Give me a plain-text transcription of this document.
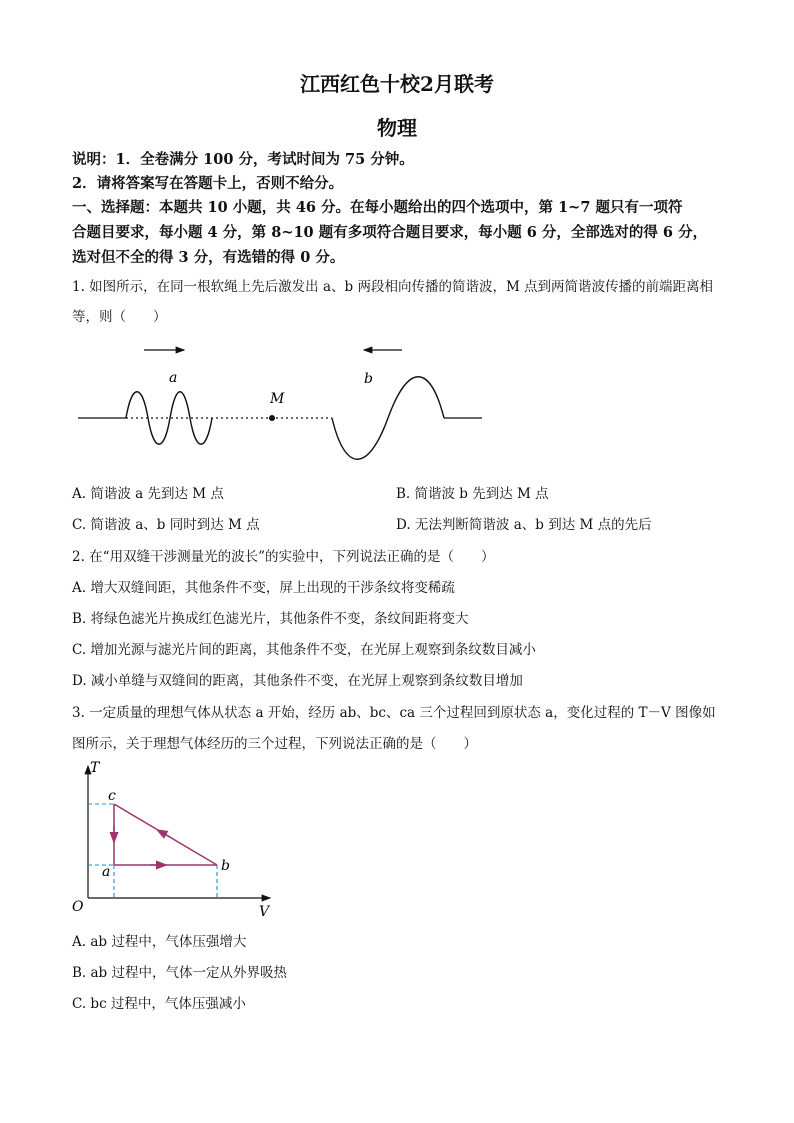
江西红色十校2月联考
物理
说明：1．全卷满分 100 分，考试时间为 75 分钟。
2．请将答案写在答题卡上，否则不给分。
一、选择题：本题共 10 小题，共 46 分。在每小题给出的四个选项中，第 1~7 题只有一项符
合题目要求，每小题 4 分，第 8~10 题有多项符合题目要求，每小题 6 分，全部选对的得 6 分，
选对但不全的得 3 分，有选错的得 0 分。
1. 如图所示，在同一根软绳上先后激发出 a、b 两段相向传播的简谐波，M 点到两简谐波传播的前端距离相
等，则（　　）
a	b
M
A. 简谐波 a 先到达 M 点	B. 简谐波 b 先到达 M 点
C. 简谐波 a、b 同时到达 M 点	D. 无法判断简谐波 a、b 到达 M 点的先后
2. 在“用双缝干涉测量光的波长”的实验中，下列说法正确的是（　　）
A. 增大双缝间距，其他条件不变，屏上出现的干涉条纹将变稀疏
B. 将绿色滤光片换成红色滤光片，其他条件不变，条纹间距将变大
C. 增加光源与滤光片间的距离，其他条件不变，在光屏上观察到条纹数目减小
D. 减小单缝与双缝间的距离，其他条件不变，在光屏上观察到条纹数目增加
3. 一定质量的理想气体从状态 a 开始，经历 ab、bc、ca 三个过程回到原状态 a，变化过程的 T－V 图像如
图所示，关于理想气体经历的三个过程，下列说法正确的是（　　）
T
V
O
a	b
c
A. ab 过程中，气体压强增大
B. ab 过程中，气体一定从外界吸热
C. bc 过程中，气体压强减小
